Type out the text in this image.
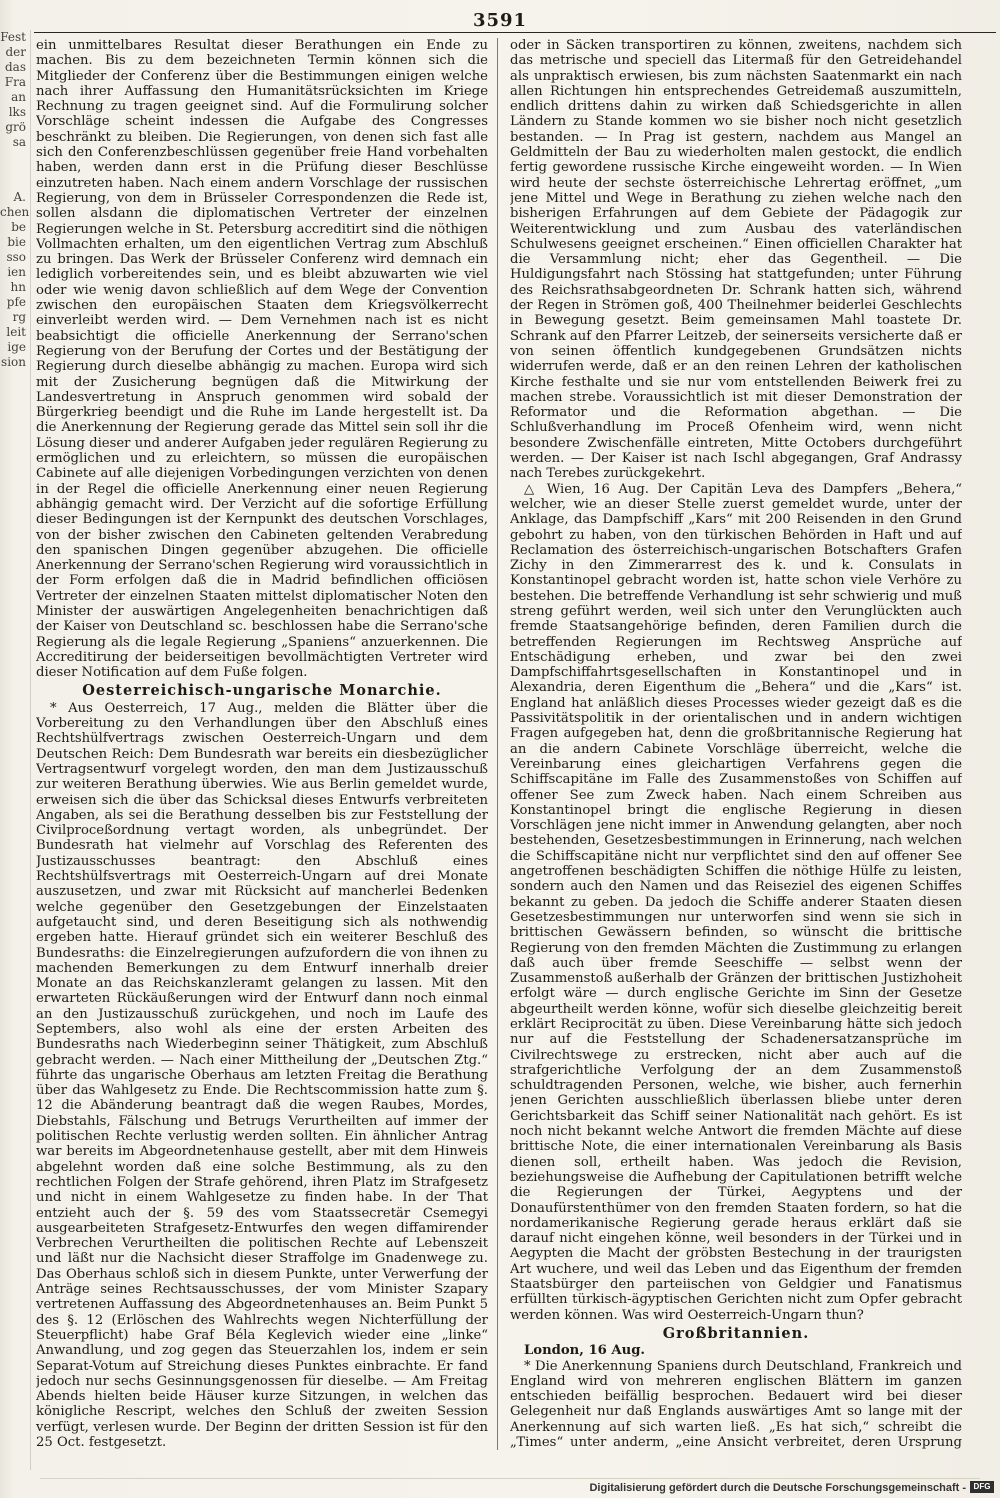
Fest
der
das
Fra
an
lks
grö
sa
A.
chen
be
bie
sso
ien
hn
pfe
rg
leit
ige
sion
3591

ein unmittelbares Resultat dieser Berathungen ein Ende zu machen. Bis zu dem bezeichneten Termin können sich die Mitglieder der Conferenz über die Bestimmungen einigen welche nach ihrer Auffassung den Humanitätsrücksichten im Kriege Rechnung zu tragen geeignet sind. Auf die Formulirung solcher Vorschläge scheint indessen die Aufgabe des Congresses beschränkt zu bleiben. Die Regierungen, von denen sich fast alle sich den Conferenzbeschlüssen gegenüber freie Hand vorbehalten haben, werden dann erst in die Prüfung dieser Beschlüsse einzutreten haben. Nach einem andern Vorschlage der russischen Regierung, von dem in Brüsseler Correspondenzen die Rede ist, sollen alsdann die diplomatischen Vertreter der einzelnen Regierungen welche in St. Petersburg accreditirt sind die nöthigen Vollmachten erhalten, um den eigentlichen Vertrag zum Abschluß zu bringen. Das Werk der Brüsseler Conferenz wird demnach ein lediglich vorbereitendes sein, und es bleibt abzuwarten wie viel oder wie wenig davon schließlich auf dem Wege der Convention zwischen den europäischen Staaten dem Kriegsvölkerrecht einverleibt werden wird. — Dem Vernehmen nach ist es nicht beabsichtigt die officielle Anerkennung der Serrano'schen Regierung von der Berufung der Cortes und der Bestätigung der Regierung durch dieselbe abhängig zu machen. Europa wird sich mit der Zusicherung begnügen daß die Mitwirkung der Landesvertretung in Anspruch genommen wird sobald der Bürgerkrieg beendigt und die Ruhe im Lande hergestellt ist. Da die Anerkennung der Regierung gerade das Mittel sein soll ihr die Lösung dieser und anderer Aufgaben jeder regulären Regierung zu ermöglichen und zu erleichtern, so müssen die europäischen Cabinete auf alle diejenigen Vorbedingungen verzichten von denen in der Regel die officielle Anerkennung einer neuen Regierung abhängig gemacht wird. Der Verzicht auf die sofortige Erfüllung dieser Bedingungen ist der Kernpunkt des deutschen Vorschlages, von der bisher zwischen den Cabineten geltenden Verabredung den spanischen Dingen gegenüber abzugehen. Die officielle Anerkennung der Serrano'schen Regierung wird voraussichtlich in der Form erfolgen daß die in Madrid befindlichen officiösen Vertreter der einzelnen Staaten mittelst diplomatischer Noten den Minister der auswärtigen Angelegenheiten benachrichtigen daß der Kaiser von Deutschland sc. beschlossen habe die Serrano'sche Regierung als die legale Regierung „Spaniens“ anzuerkennen. Die Accreditirung der beiderseitigen bevollmächtigten Vertreter wird dieser Notification auf dem Fuße folgen.

Oesterreichisch-ungarische Monarchie.

* Aus Oesterreich, 17 Aug., melden die Blätter über die Vorbereitung zu den Verhandlungen über den Abschluß eines Rechtshülfvertrags zwischen Oesterreich-Ungarn und dem Deutschen Reich: Dem Bundesrath war bereits ein diesbezüglicher Vertragsentwurf vorgelegt worden, den man dem Justizausschuß zur weiteren Berathung überwies. Wie aus Berlin gemeldet wurde, erweisen sich die über das Schicksal dieses Entwurfs verbreiteten Angaben, als sei die Berathung desselben bis zur Feststellung der Civilproceßordnung vertagt worden, als unbegründet. Der Bundesrath hat vielmehr auf Vorschlag des Referenten des Justizausschusses beantragt: den Abschluß eines Rechtshülfsvertrags mit Oesterreich-Ungarn auf drei Monate auszusetzen, und zwar mit Rücksicht auf mancherlei Bedenken welche gegenüber den Gesetzgebungen der Einzelstaaten aufgetaucht sind, und deren Beseitigung sich als nothwendig ergeben hatte. Hierauf gründet sich ein weiterer Beschluß des Bundesraths: die Einzelregierungen aufzufordern die von ihnen zu machenden Bemerkungen zu dem Entwurf innerhalb dreier Monate an das Reichskanzleramt gelangen zu lassen. Mit den erwarteten Rückäußerungen wird der Entwurf dann noch einmal an den Justizausschuß zurückgehen, und noch im Laufe des Septembers, also wohl als eine der ersten Arbeiten des Bundesraths nach Wiederbeginn seiner Thätigkeit, zum Abschluß gebracht werden. — Nach einer Mittheilung der „Deutschen Ztg.“ führte das ungarische Oberhaus am letzten Freitag die Berathung über das Wahlgesetz zu Ende. Die Rechtscommission hatte zum §. 12 die Abänderung beantragt daß die wegen Raubes, Mordes, Diebstahls, Fälschung und Betrugs Verurtheilten auf immer der politischen Rechte verlustig werden sollten. Ein ähnlicher Antrag war bereits im Abgeordnetenhause gestellt, aber mit dem Hinweis abgelehnt worden daß eine solche Bestimmung, als zu den rechtlichen Folgen der Strafe gehörend, ihren Platz im Strafgesetz und nicht in einem Wahlgesetze zu finden habe. In der That entzieht auch der §. 59 des vom Staatssecretär Csemegyi ausgearbeiteten Strafgesetz-Entwurfes den wegen diffamirender Verbrechen Verurtheilten die politischen Rechte auf Lebenszeit und läßt nur die Nachsicht dieser Straffolge im Gnadenwege zu. Das Oberhaus schloß sich in diesem Punkte, unter Verwerfung der Anträge seines Rechtsausschusses, der vom Minister Szapary vertretenen Auffassung des Abgeordnetenhauses an. Beim Punkt 5 des §. 12 (Erlöschen des Wahlrechts wegen Nichterfüllung der Steuerpflicht) habe Graf Béla Keglevich wieder eine „linke“ Anwandlung, und zog gegen das Steuerzahlen los, indem er sein Separat-Votum auf Streichung dieses Punktes einbrachte. Er fand jedoch nur sechs Gesinnungsgenossen für dieselbe. — Am Freitag Abends hielten beide Häuser kurze Sitzungen, in welchen das königliche Rescript, welches den Schluß der zweiten Session verfügt, verlesen wurde. Der Beginn der dritten Session ist für den 25 Oct. festgesetzt.

oder in Säcken transportiren zu können, zweitens, nachdem sich das metrische und speciell das Litermaß für den Getreidehandel als unpraktisch erwiesen, bis zum nächsten Saatenmarkt ein nach allen Richtungen hin entsprechendes Getreidemaß auszumitteln, endlich drittens dahin zu wirken daß Schiedsgerichte in allen Ländern zu Stande kommen wo sie bisher noch nicht gesetzlich bestanden. — In Prag ist gestern, nachdem aus Mangel an Geldmitteln der Bau zu wiederholten malen gestockt, die endlich fertig gewordene russische Kirche eingeweiht worden. — In Wien wird heute der sechste österreichische Lehrertag eröffnet, „um jene Mittel und Wege in Berathung zu ziehen welche nach den bisherigen Erfahrungen auf dem Gebiete der Pädagogik zur Weiterentwicklung und zum Ausbau des vaterländischen Schulwesens geeignet erscheinen.“ Einen officiellen Charakter hat die Versammlung nicht; eher das Gegentheil. — Die Huldigungsfahrt nach Stössing hat stattgefunden; unter Führung des Reichsrathsabgeordneten Dr. Schrank hatten sich, während der Regen in Strömen goß, 400 Theilnehmer beiderlei Geschlechts in Bewegung gesetzt. Beim gemeinsamen Mahl toastete Dr. Schrank auf den Pfarrer Leitzeb, der seinerseits versicherte daß er von seinen öffentlich kundgegebenen Grundsätzen nichts widerrufen werde, daß er an den reinen Lehren der katholischen Kirche festhalte und sie nur vom entstellenden Beiwerk frei zu machen strebe. Voraussichtlich ist mit dieser Demonstration der Reformator und die Reformation abgethan. — Die Schlußverhandlung im Proceß Ofenheim wird, wenn nicht besondere Zwischenfälle eintreten, Mitte Octobers durchgeführt werden. — Der Kaiser ist nach Ischl abgegangen, Graf Andrassy nach Terebes zurückgekehrt.

△ Wien, 16 Aug. Der Capitän Leva des Dampfers „Behera,“ welcher, wie an dieser Stelle zuerst gemeldet wurde, unter der Anklage, das Dampfschiff „Kars“ mit 200 Reisenden in den Grund gebohrt zu haben, von den türkischen Behörden in Haft und auf Reclamation des österreichisch-ungarischen Botschafters Grafen Zichy in den Zimmerarrest des k. und k. Consulats in Konstantinopel gebracht worden ist, hatte schon viele Verhöre zu bestehen. Die betreffende Verhandlung ist sehr schwierig und muß streng geführt werden, weil sich unter den Verunglückten auch fremde Staatsangehörige befinden, deren Familien durch die betreffenden Regierungen im Rechtsweg Ansprüche auf Entschädigung erheben, und zwar bei den zwei Dampfschiffahrtsgesellschaften in Konstantinopel und in Alexandria, deren Eigenthum die „Behera“ und die „Kars“ ist. England hat anläßlich dieses Processes wieder gezeigt daß es die Passivitätspolitik in der orientalischen und in andern wichtigen Fragen aufgegeben hat, denn die großbritannische Regierung hat an die andern Cabinete Vorschläge überreicht, welche die Vereinbarung eines gleichartigen Verfahrens gegen die Schiffscapitäne im Falle des Zusammenstoßes von Schiffen auf offener See zum Zweck haben. Nach einem Schreiben aus Konstantinopel bringt die englische Regierung in diesen Vorschlägen jene nicht immer in Anwendung gelangten, aber noch bestehenden, Gesetzesbestimmungen in Erinnerung, nach welchen die Schiffscapitäne nicht nur verpflichtet sind den auf offener See angetroffenen beschädigten Schiffen die nöthige Hülfe zu leisten, sondern auch den Namen und das Reiseziel des eigenen Schiffes bekannt zu geben. Da jedoch die Schiffe anderer Staaten diesen Gesetzesbestimmungen nur unterworfen sind wenn sie sich in brittischen Gewässern befinden, so wünscht die brittische Regierung von den fremden Mächten die Zustimmung zu erlangen daß auch über fremde Seeschiffe — selbst wenn der Zusammenstoß außerhalb der Gränzen der brittischen Justizhoheit erfolgt wäre — durch englische Gerichte im Sinn der Gesetze abgeurtheilt werden könne, wofür sich dieselbe gleichzeitig bereit erklärt Reciprocität zu üben. Diese Vereinbarung hätte sich jedoch nur auf die Feststellung der Schadenersatzansprüche im Civilrechtswege zu erstrecken, nicht aber auch auf die strafgerichtliche Verfolgung der an dem Zusammenstoß schuldtragenden Personen, welche, wie bisher, auch fernerhin jenen Gerichten ausschließlich überlassen bliebe unter deren Gerichtsbarkeit das Schiff seiner Nationalität nach gehört. Es ist noch nicht bekannt welche Antwort die fremden Mächte auf diese brittische Note, die einer internationalen Vereinbarung als Basis dienen soll, ertheilt haben. Was jedoch die Revision, beziehungsweise die Aufhebung der Capitulationen betrifft welche die Regierungen der Türkei, Aegyptens und der Donaufürstenthümer von den fremden Staaten fordern, so hat die nordamerikanische Regierung gerade heraus erklärt daß sie darauf nicht eingehen könne, weil besonders in der Türkei und in Aegypten die Macht der gröbsten Bestechung in der traurigsten Art wuchere, und weil das Leben und das Eigenthum der fremden Staatsbürger den parteiischen von Geldgier und Fanatismus erfüllten türkisch-ägyptischen Gerichten nicht zum Opfer gebracht werden können. Was wird Oesterreich-Ungarn thun?

Großbritannien.

London, 16 Aug.

* Die Anerkennung Spaniens durch Deutschland, Frankreich und England wird von mehreren englischen Blättern im ganzen entschieden beifällig besprochen. Bedauert wird bei dieser Gelegenheit nur daß Englands auswärtiges Amt so lange mit der Anerkennung auf sich warten ließ. „Es hat sich,“ schreibt die „Times“ unter anderm, „eine Ansicht verbreitet, deren Ursprung

Digitalisierung gefördert durch die Deutsche Forschungsgemeinschaft - DFG
